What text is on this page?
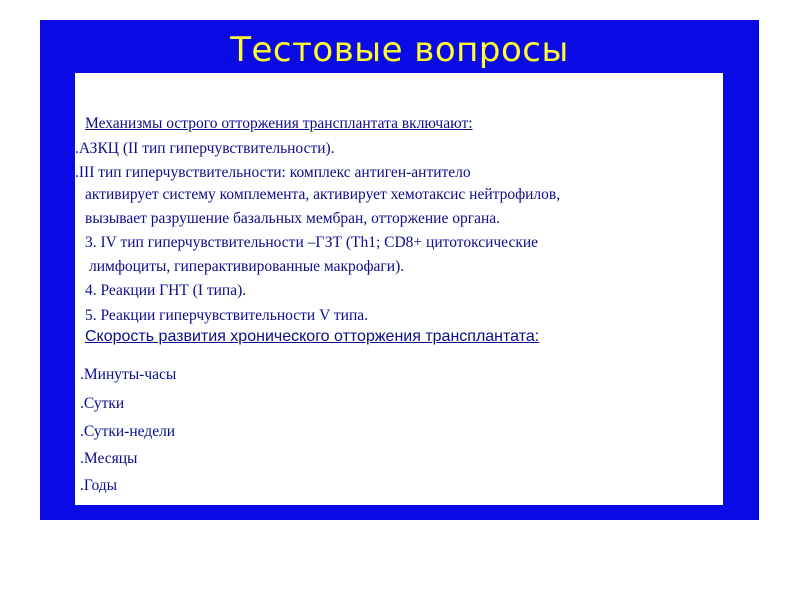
Тестовые вопросы

Механизмы острого отторжения трансплантата включают:

.АЗКЦ (II тип гиперчувствительности).

.III тип гиперчувствительности: комплекс антиген-антитело

активирует систему комплемента, активирует хемотаксис нейтрофилов,

вызывает разрушение базальных мембран, отторжение органа.

3. IV тип гиперчувствительности –ГЗТ (Th1; CD8+ цитотоксические

лимфоциты, гиперактивированные макрофаги).

4. Реакции ГНТ (I типа).

5. Реакции гиперчувствительности V типа.

Скорость развития хронического отторжения трансплантата:

.Минуты-часы

.Сутки

.Сутки-недели

.Месяцы

.Годы
